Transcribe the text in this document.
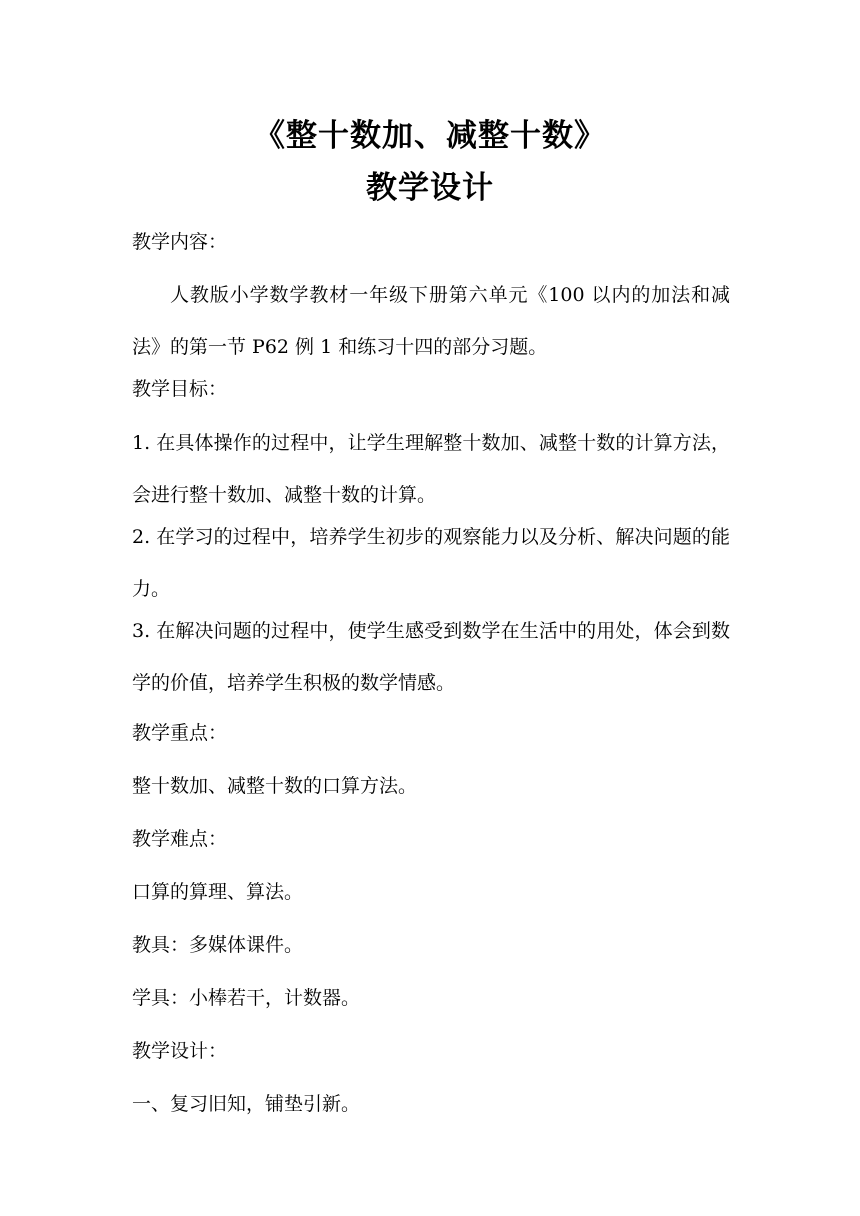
《整十数加、减整十数》
教学设计
教学内容：
人教版小学数学教材一年级下册第六单元《100 以内的加法和减法》的第一节 P62 例 1 和练习十四的部分习题。
教学目标：
1. 在具体操作的过程中，让学生理解整十数加、减整十数的计算方法，会进行整十数加、减整十数的计算。
2. 在学习的过程中，培养学生初步的观察能力以及分析、解决问题的能力。
3. 在解决问题的过程中，使学生感受到数学在生活中的用处，体会到数学的价值，培养学生积极的数学情感。
教学重点：
整十数加、减整十数的口算方法。
教学难点：
口算的算理、算法。
教具：多媒体课件。
学具：小棒若干，计数器。
教学设计：
一、复习旧知，铺垫引新。
